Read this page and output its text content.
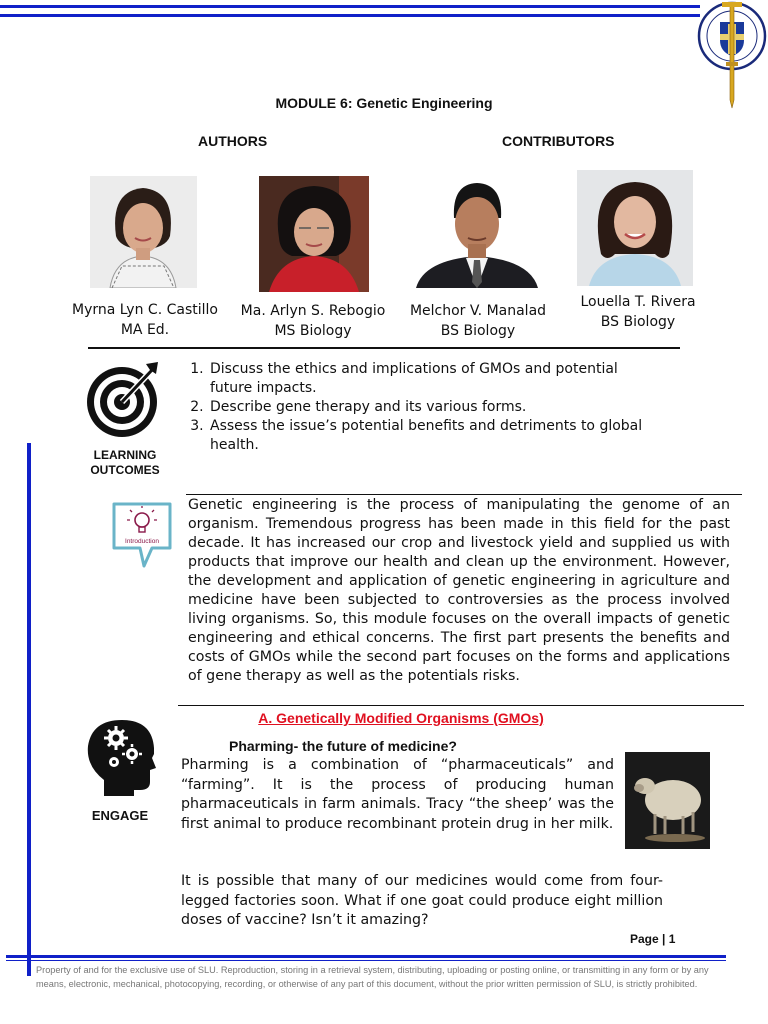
MODULE 6: Genetic Engineering
AUTHORS	CONTRIBUTORS
Myrna Lyn C. Castillo
MA Ed.
Ma. Arlyn S. Rebogio
MS Biology
Melchor V. Manalad
BS Biology
Louella T. Rivera
BS Biology
LEARNING
OUTCOMES
1. Discuss the ethics and implications of GMOs and potential future impacts.
2. Describe gene therapy and its various forms.
3. Assess the issue’s potential benefits and detriments to global health.
Introduction
Genetic engineering is the process of manipulating the genome of an organism. Tremendous progress has been made in this field for the past decade. It has increased our crop and livestock yield and supplied us with products that improve our health and clean up the environment. However, the development and application of genetic engineering in agriculture and medicine have been subjected to controversies as the process involved living organisms. So, this module focuses on the overall impacts of genetic engineering and ethical concerns. The first part presents the benefits and costs of GMOs while the second part focuses on the forms and applications of gene therapy as well as the potentials risks.
A. Genetically Modified Organisms (GMOs)
ENGAGE
Pharming- the future of medicine?
Pharming is a combination of “pharmaceuticals” and “farming”. It is the process of producing human pharmaceuticals in farm animals. Tracy “the sheep’ was the first animal to produce recombinant protein drug in her milk.
It is possible that many of our medicines would come from four-legged factories soon. What if one goat could produce eight million doses of vaccine? Isn’t it amazing?
Page | 1
Property of and for the exclusive use of SLU. Reproduction, storing in a retrieval system, distributing, uploading or posting online, or transmitting in any form or by any means, electronic, mechanical, photocopying, recording, or otherwise of any part of this document, without the prior written permission of SLU, is strictly prohibited.
